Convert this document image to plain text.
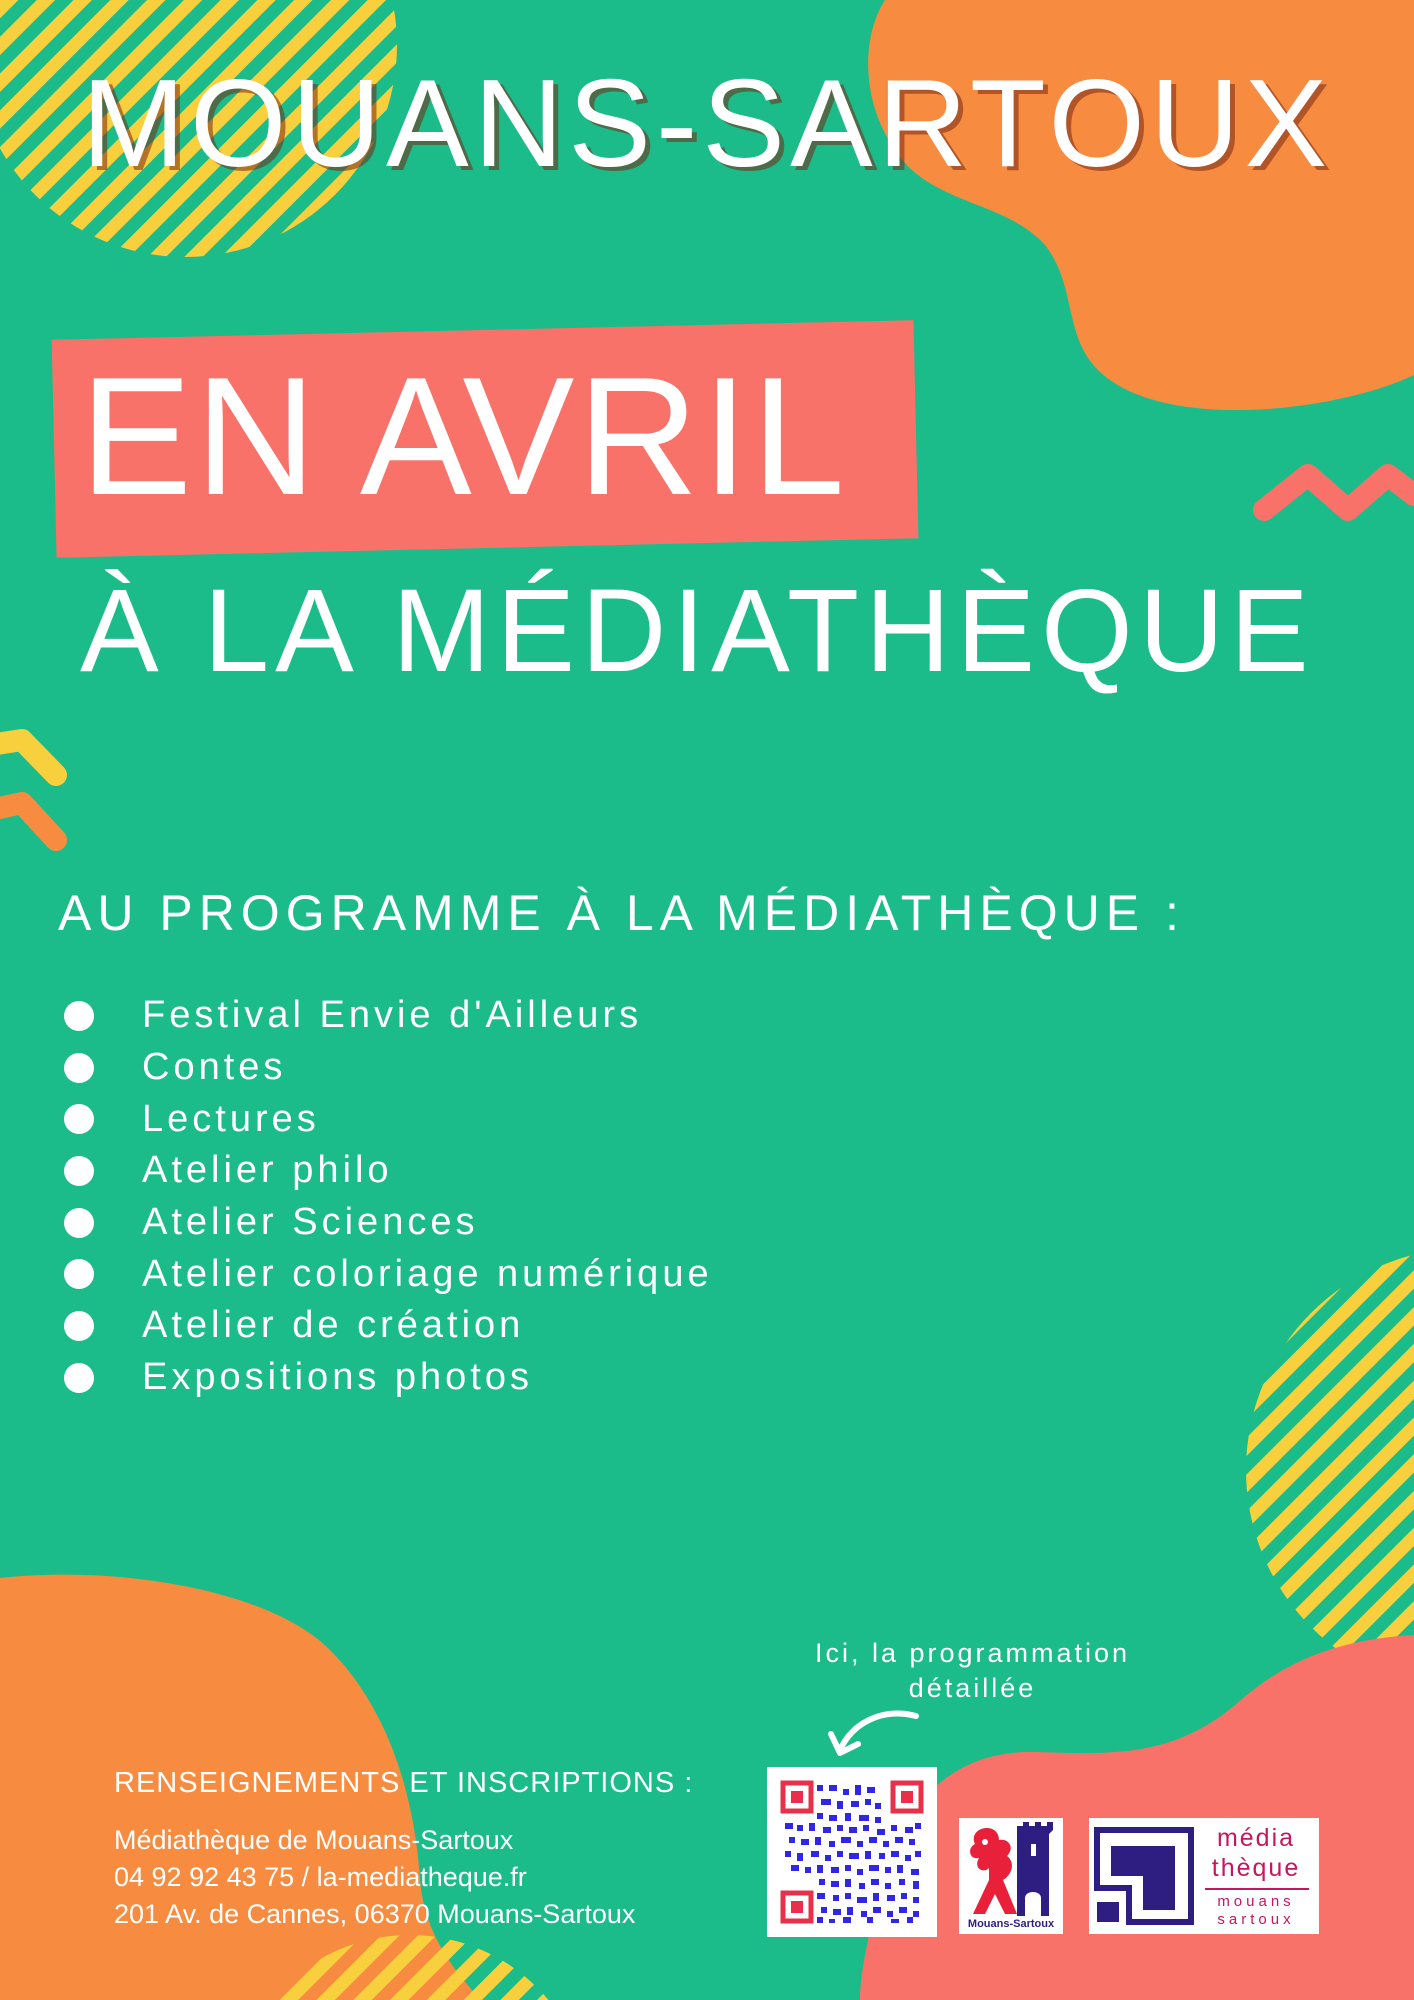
MOUANS-SARTOUX
EN AVRIL
À LA MÉDIATHÈQUE
AU PROGRAMME À LA MÉDIATHÈQUE :
Festival Envie d'Ailleurs
Contes
Lectures
Atelier philo
Atelier Sciences
Atelier coloriage numérique
Atelier de création
Expositions photos
Ici, la programmation
détaillée
RENSEIGNEMENTS ET INSCRIPTIONS :
Médiathèque de Mouans-Sartoux
04 92 92 43 75 / la-mediatheque.fr
201 Av. de Cannes, 06370 Mouans-Sartoux	Mouans-Sartoux
média
thèque
mouans
sartoux
